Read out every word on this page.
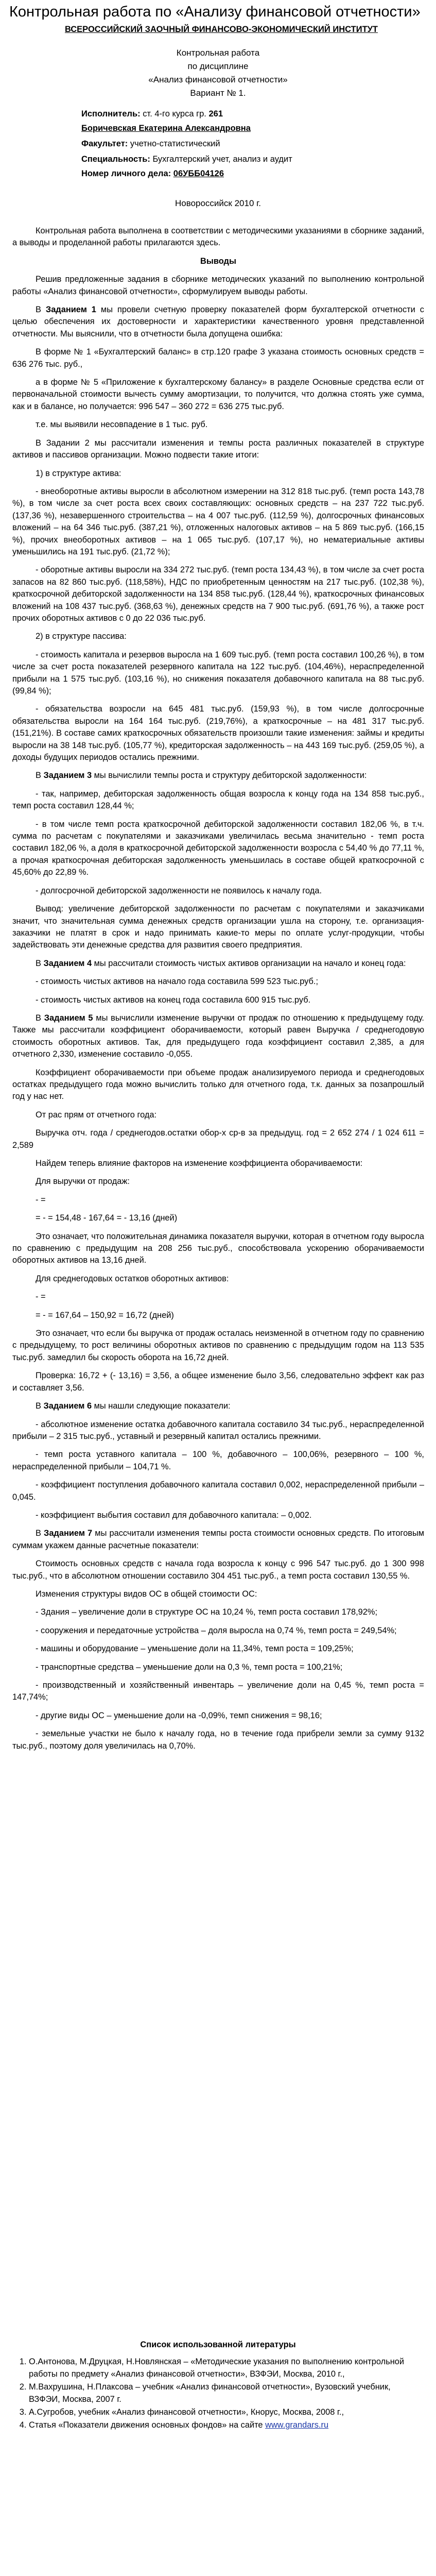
Контрольная работа по «Анализу финансовой отчетности»
ВСЕРОССИЙСКИЙ ЗАОЧНЫЙ ФИНАНСОВО-ЭКОНОМИЧЕСКИЙ ИНСТИТУТ
Контрольная работа
по дисциплине
«Анализ финансовой отчетности»
Вариант № 1.
Исполнитель: ст. 4-го курса гр. 261
Боричевская Екатерина Александровна
Факультет: учетно-статистический
Специальность: Бухгалтерский учет, анализ и аудит
Номер личного дела: 06УББ04126
Новороссийск 2010 г.

Контрольная работа выполнена в соответствии с методическими указаниями в сборнике заданий, а выводы и проделанной работы прилагаются здесь.

Выводы

Решив предложенные задания в сборнике методических указаний по выполнению контрольной работы «Анализ финансовой отчетности», сформулируем выводы работы.

В Заданием 1 мы провели счетную проверку показателей форм бухгалтерской отчетности с целью обеспечения их достоверности и характеристики качественного уровня представленной отчетности. Мы выяснили, что в отчетности была допущена ошибка:

В форме № 1 «Бухгалтерский баланс» в стр.120 графе 3 указана стоимость основных средств = 636 276 тыс. руб.,

а в форме № 5 «Приложение к бухгалтерскому балансу» в разделе Основные средства если от первоначальной стоимости вычесть сумму амортизации, то получится, что должна стоять уже сумма, как и в балансе, но получается: 996 547 – 360 272 = 636 275 тыс.руб.

т.е. мы выявили несовпадение в 1 тыс. руб.

В Задании 2 мы рассчитали изменения и темпы роста различных показателей в структуре активов и пассивов организации. Можно подвести такие итоги:

1) в структуре актива:

- внеоборотные активы выросли в абсолютном измерении на 312 818 тыс.руб. (темп роста 143,78 %), в том числе за счет роста всех своих составляющих: основных средств – на 237 722 тыс.руб. (137,36 %), незавершенного строительства – на 4 007 тыс.руб. (112,59 %), долгосрочных финансовых вложений – на 64 346 тыс.руб. (387,21 %), отложенных налоговых активов – на 5 869 тыс.руб. (166,15 %), прочих внеоборотных активов – на 1 065 тыс.руб. (107,17 %), но нематериальные активы уменьшились на 191 тыс.руб. (21,72 %);

- оборотные активы выросли на 334 272 тыс.руб. (темп роста 134,43 %), в том числе за счет роста запасов на 82 860 тыс.руб. (118,58%), НДС по приобретенным ценностям на 217 тыс.руб. (102,38 %), краткосрочной дебиторской задолженности на 134 858 тыс.руб. (128,44 %), краткосрочных финансовых вложений на 108 437 тыс.руб. (368,63 %), денежных средств на 7 900 тыс.руб. (691,76 %), а также рост прочих оборотных активов с 0 до 22 036 тыс.руб.

2) в структуре пассива:

- стоимость капитала и резервов выросла на 1 609 тыс.руб. (темп роста составил 100,26 %), в том числе за счет роста показателей резервного капитала на 122 тыс.руб. (104,46%), нераспределенной прибыли на 1 575 тыс.руб. (103,16 %), но снижения показателя добавочного капитала на 88 тыс.руб. (99,84 %);

- обязательства возросли на 645 481 тыс.руб. (159,93 %), в том числе долгосрочные обязательства выросли на 164 164 тыс.руб. (219,76%), а краткосрочные – на 481 317 тыс.руб. (151,21%). В составе самих краткосрочных обязательств произошли такие изменения: займы и кредиты выросли на 38 148 тыс.руб. (105,77 %), кредиторская задолженность – на 443 169 тыс.руб. (259,05 %), а доходы будущих периодов остались прежними.

В Заданием 3 мы вычислили темпы роста и структуру дебиторской задолженности:

- так, например, дебиторская задолженность общая возросла к концу года на 134 858 тыс.руб., темп роста составил 128,44 %;

- в том числе темп роста краткосрочной дебиторской задолженности составил 182,06 %, в т.ч. сумма по расчетам с покупателями и заказчиками увеличилась весьма значительно - темп роста составил 182,06 %, а доля в краткосрочной дебиторской задолженности возросла с 54,40 % до 77,11 %, а прочая краткосрочная дебиторская задолженность уменьшилась в составе общей краткосрочной с 45,60% до 22,89 %.

- долгосрочной дебиторской задолженности не появилось к началу года.

Вывод: увеличение дебиторской задолженности по расчетам с покупателями и заказчиками значит, что значительная сумма денежных средств организации ушла на сторону, т.е. организация-заказчики не платят в срок и надо принимать какие-то меры по оплате услуг-продукции, чтобы задействовать эти денежные средства для развития своего предприятия.

В Заданием 4 мы рассчитали стоимость чистых активов организации на начало и конец года:

- стоимость чистых активов на начало года составила 599 523 тыс.руб.;

- стоимость чистых активов на конец года составила 600 915 тыс.руб.

В Заданием 5 мы вычислили изменение выручки от продаж по отношению к предыдущему году. Также мы рассчитали коэффициент оборачиваемости, который равен Выручка / среднегодовую стоимость оборотных активов. Так, для предыдущего года коэффициент составил 2,385, а для отчетного 2,330, изменение составило -0,055.

Коэффициент оборачиваемости при объеме продаж анализируемого периода и среднегодовых остатках предыдущего года можно вычислить только для отчетного года, т.к. данных за позапрошлый год у нас нет.

От рас прям от отчетного года:

Выручка отч. года / среднегодов.остатки обор-х ср-в за предыдущ. год = 2 652 274 / 1 024 611 = 2,589

Найдем теперь влияние факторов на изменение коэффициента оборачиваемости:

Для выручки от продаж:

- =

= - = 154,48 - 167,64 = - 13,16 (дней)

Это означает, что положительная динамика показателя выручки, которая в отчетном году выросла по сравнению с предыдущим на 208 256 тыс.руб., способствовала ускорению оборачиваемости оборотных активов на 13,16 дней.

Для среднегодовых остатков оборотных активов:

- =

= - = 167,64 – 150,92 = 16,72 (дней)

Это означает, что если бы выручка от продаж осталась неизменной в отчетном году по сравнению с предыдущему, то рост величины оборотных активов по сравнению с предыдущим годом на 113 535 тыс.руб. замедлил бы скорость оборота на 16,72 дней.

Проверка: 16,72 + (- 13,16) = 3,56, а общее изменение было 3,56, следовательно эффект как раз и составляет 3,56.

В Заданием 6 мы нашли следующие показатели:

- абсолютное изменение остатка добавочного капитала составило 34 тыс.руб., нераспределенной прибыли – 2 315 тыс.руб., уставный и резервный капитал остались прежними.

- темп роста уставного капитала – 100 %, добавочного – 100,06%, резервного – 100 %, нераспределенной прибыли – 104,71 %.

- коэффициент поступления добавочного капитала составил 0,002, нераспределенной прибыли – 0,045.

- коэффициент выбытия составил для добавочного капитала: – 0,002.

В Заданием 7 мы рассчитали изменения темпы роста стоимости основных средств. По итоговым суммам укажем данные расчетные показатели:

Стоимость основных средств с начала года возросла к концу с 996 547 тыс.руб. до 1 300 998 тыс.руб., что в абсолютном отношении составило 304 451 тыс.руб., а темп роста составил 130,55 %.

Изменения структуры видов ОС в общей стоимости ОС:

- Здания – увеличение доли в структуре ОС на 10,24 %, темп роста составил 178,92%;

- сооружения и передаточные устройства – доля выросла на 0,74 %, темп роста = 249,54%;

- машины и оборудование – уменьшение доли на 11,34%, темп роста = 109,25%;

- транспортные средства – уменьшение доли на 0,3 %, темп роста = 100,21%;

- производственный и хозяйственный инвентарь – увеличение доли на 0,45 %, темп роста = 147,74%;

- другие виды ОС – уменьшение доли на -0,09%, темп снижения = 98,16;

- земельные участки не было к началу года, но в течение года прибрели земли за сумму 9132 тыс.руб., поэтому доля увеличилась на 0,70%.

Список использованной литературы
1. О.Антонова, М.Друцкая, Н.Новлянская – «Методические указания по выполнению контрольной работы по предмету «Анализ финансовой отчетности», ВЗФЭИ, Москва, 2010 г.,
2. М.Вахрушина, Н.Плаксова – учебник «Анализ финансовой отчетности», Вузовский учебник, ВЗФЭИ, Москва, 2007 г.
3. А.Сугробов, учебник «Анализ финансовой отчетности», Кнорус, Москва, 2008 г.,
4. Статья «Показатели движения основных фондов» на сайте www.grandars.ru
